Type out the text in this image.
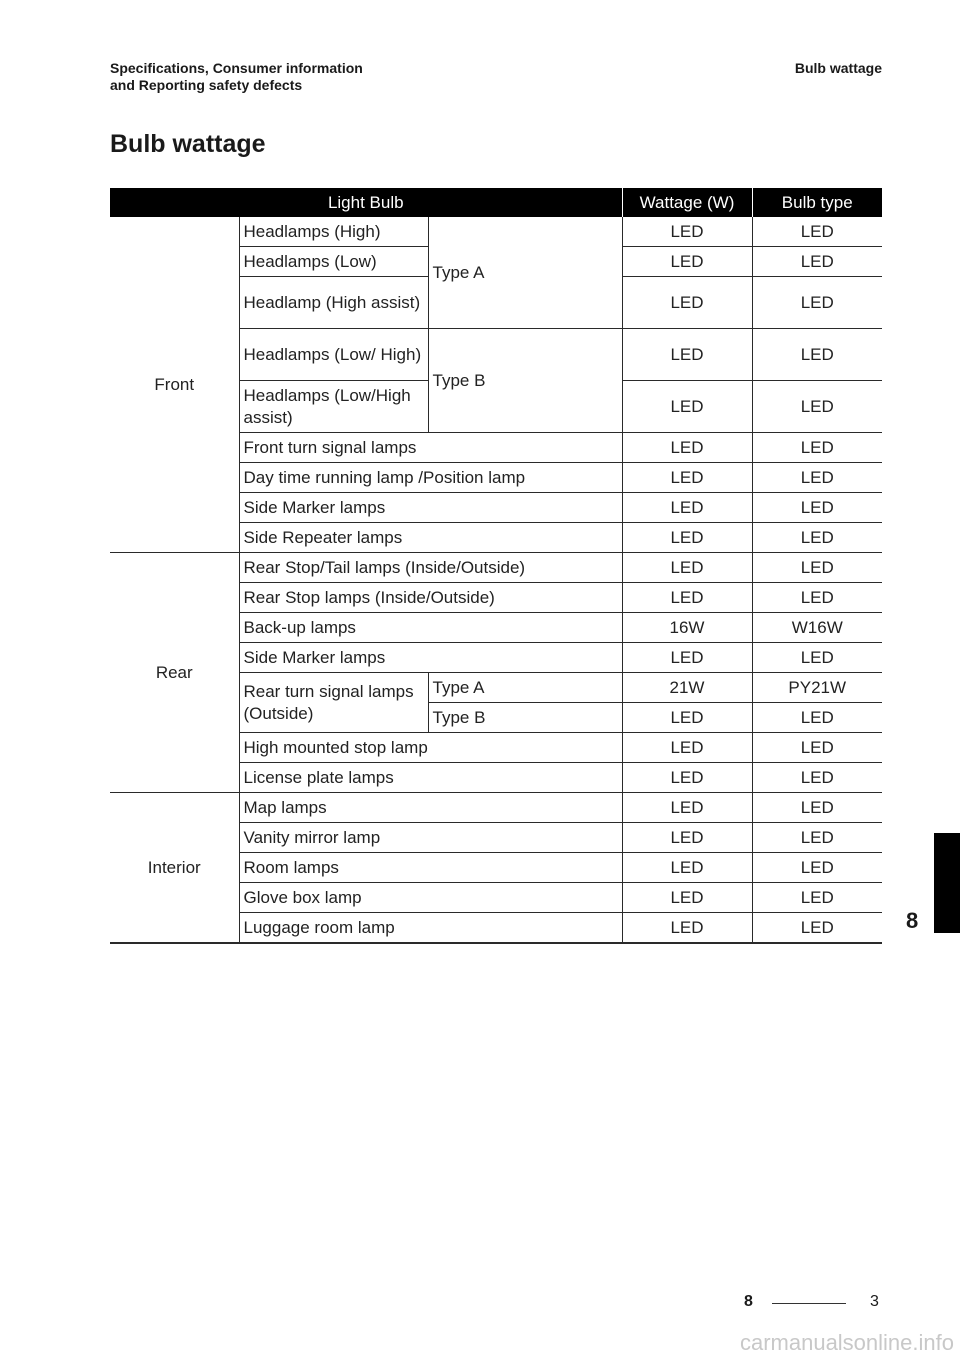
Specifications, Consumer information
and Reporting safety defects
Bulb wattage
Bulb wattage
Light Bulb			Wattage (W)	Bulb type
Front	Headlamps (High)	Type A	LED	LED
	Headlamps (Low)		LED	LED
	Headlamp (High assist)		LED	LED
	Headlamps (Low/ High)	Type B	LED	LED
	Headlamps (Low/High assist)		LED	LED
	Front turn signal lamps		LED	LED
	Day time running lamp /Position lamp		LED	LED
	Side Marker lamps		LED	LED
	Side Repeater lamps		LED	LED
Rear	Rear Stop/Tail lamps (Inside/Outside)		LED	LED
	Rear Stop lamps (Inside/Outside)		LED	LED
	Back-up lamps		16W	W16W
	Side Marker lamps		LED	LED
	Rear turn signal lamps (Outside)	Type A	21W	PY21W
		Type B	LED	LED
	High mounted stop lamp		LED	LED
	License plate lamps		LED	LED
Interior	Map lamps		LED	LED
	Vanity mirror lamp		LED	LED
	Room lamps		LED	LED
	Glove box lamp		LED	LED
	Luggage room lamp		LED	LED	8
8	3
carmanualsonline.info
